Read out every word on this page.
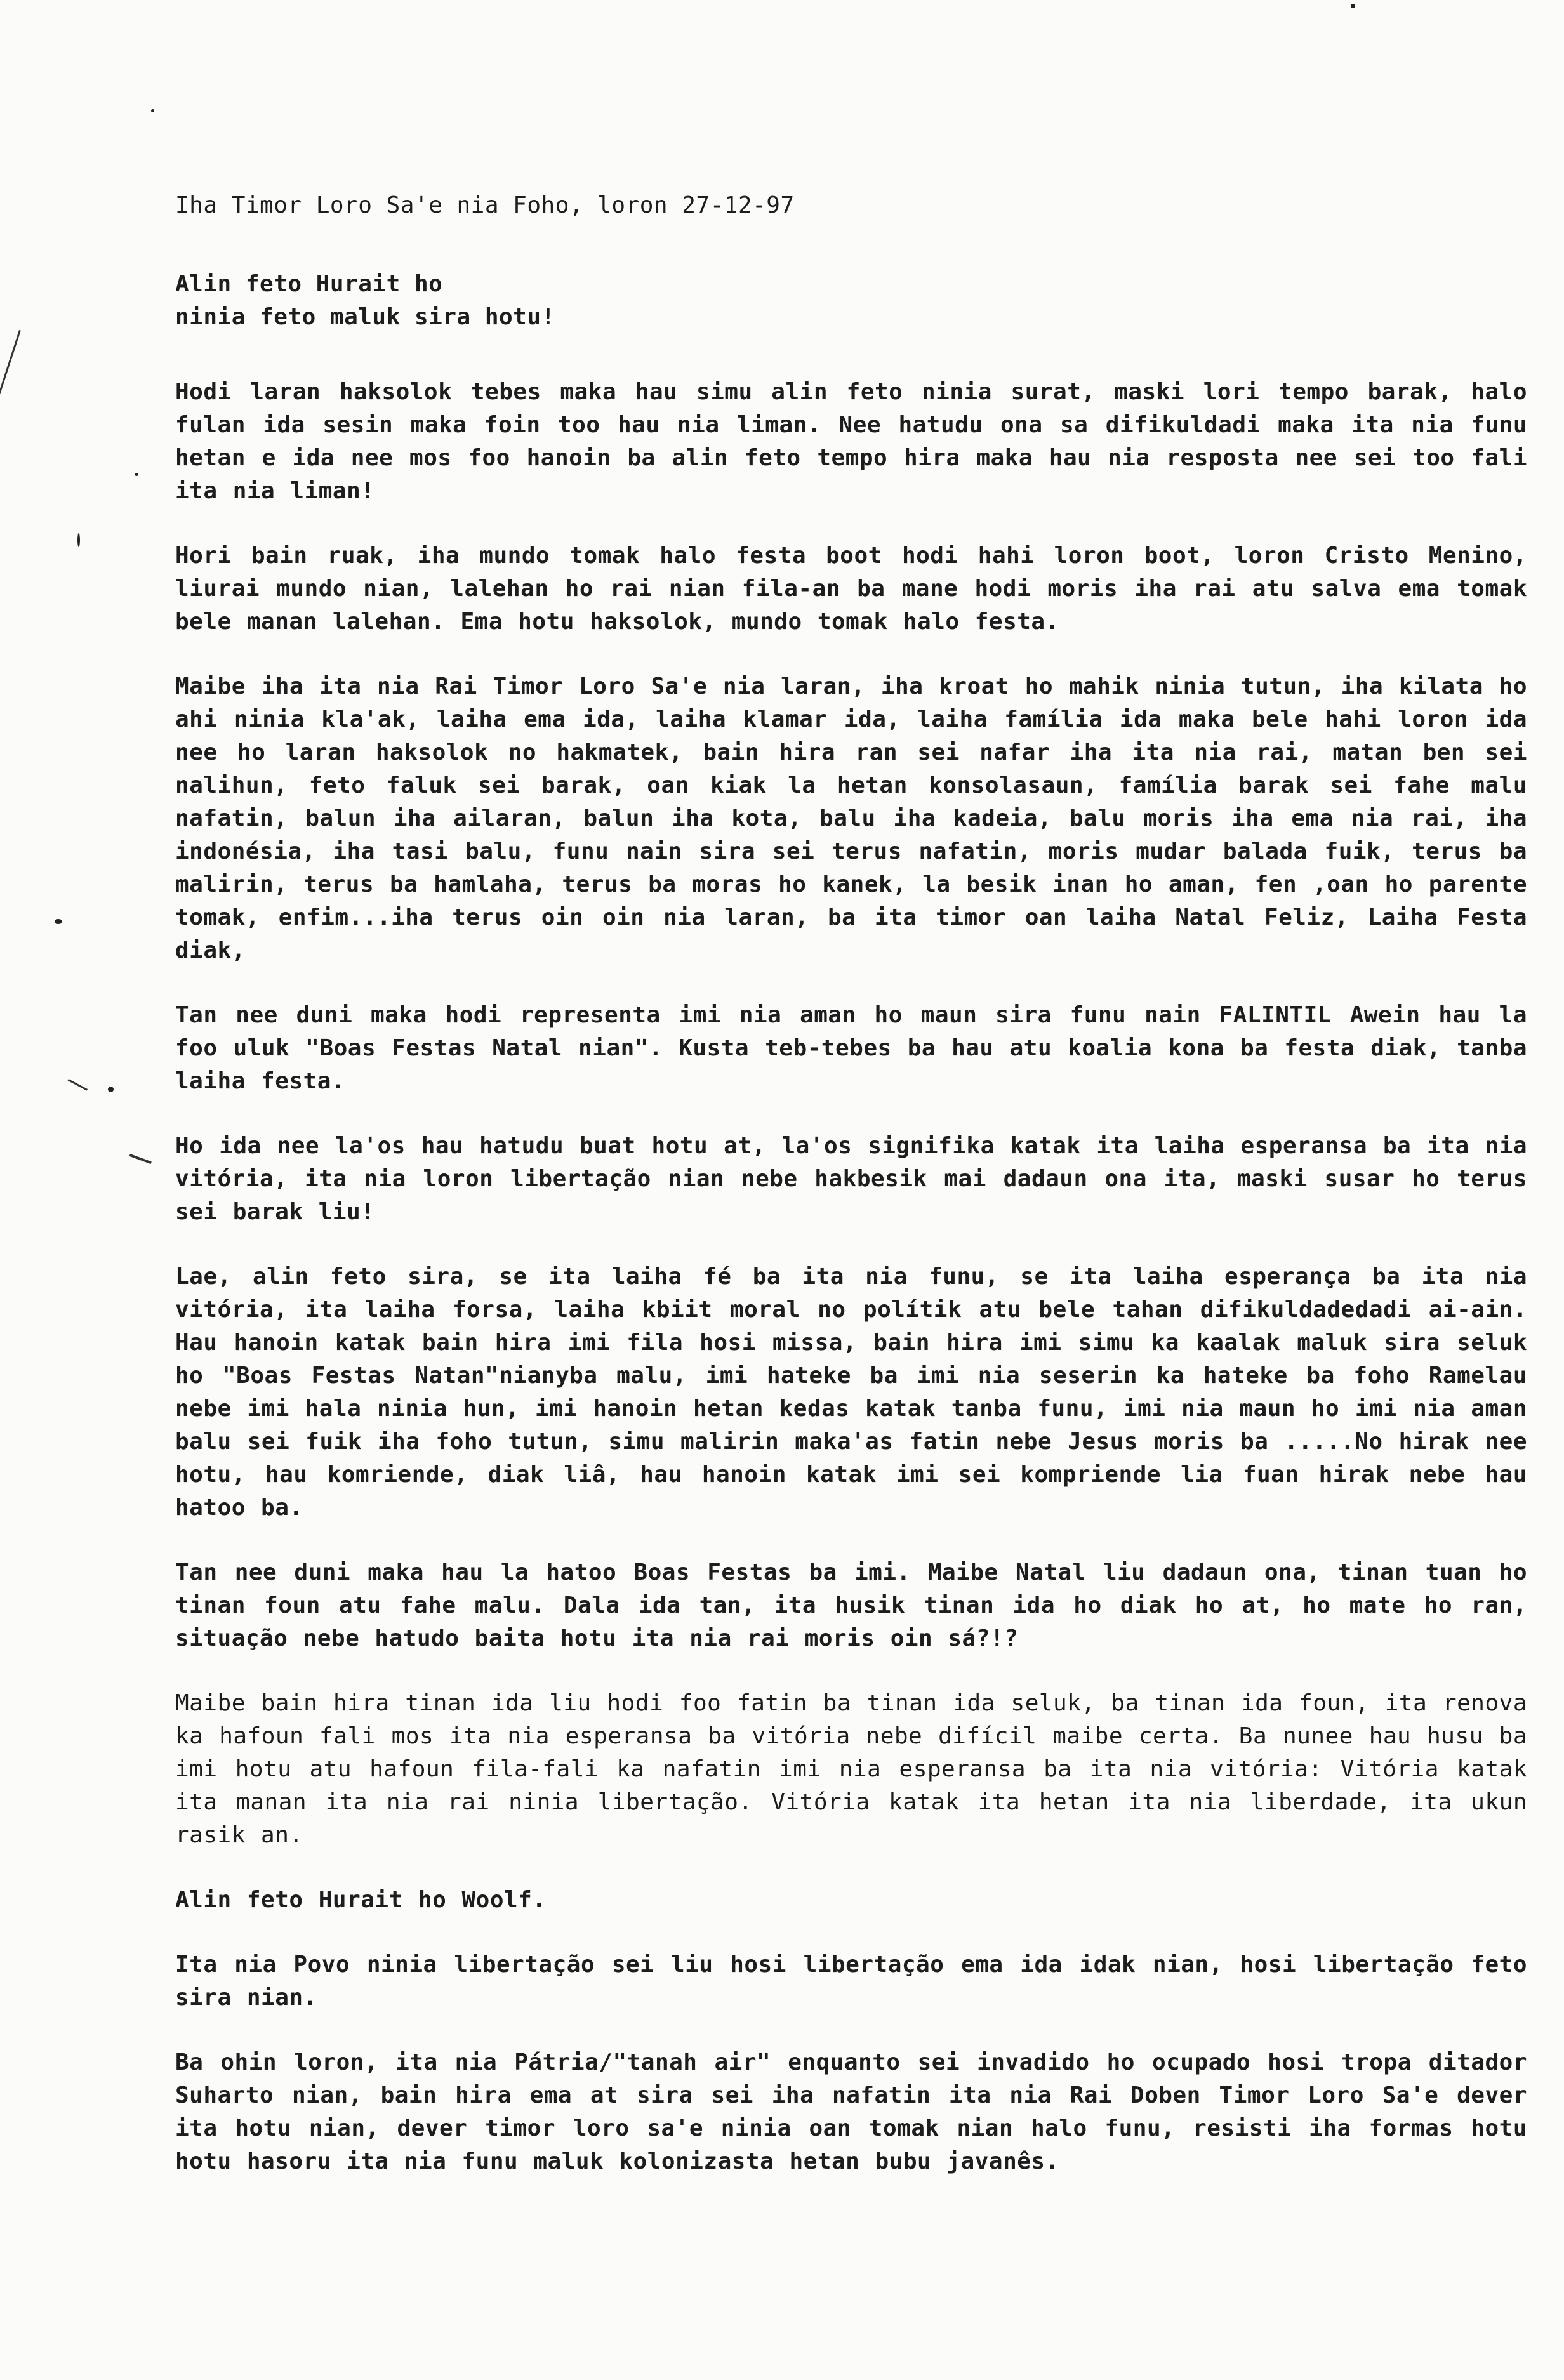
Iha Timor Loro Sa'e nia Foho, loron 27-12-97
Alin feto Hurait ho
ninia feto maluk sira hotu!

Hodi laran haksolok tebes maka hau simu alin feto ninia surat, maski lori tempo barak, halo fulan ida sesin maka foin too hau nia liman. Nee hatudu ona sa difikuldadi maka ita nia funu hetan e ida nee mos foo hanoin ba alin feto tempo hira maka hau nia resposta nee sei too fali ita nia liman!

Hori bain ruak, iha mundo tomak halo festa boot hodi hahi loron boot, loron Cristo Menino, liurai mundo nian, lalehan ho rai nian fila-an ba mane hodi moris iha rai atu salva ema tomak bele manan lalehan. Ema hotu haksolok, mundo tomak halo festa.

Maibe iha ita nia Rai Timor Loro Sa'e nia laran, iha kroat ho mahik ninia tutun, iha kilata ho ahi ninia kla'ak, laiha ema ida, laiha klamar ida, laiha família ida maka bele hahi loron ida nee ho laran haksolok no hakmatek, bain hira ran sei nafar iha ita nia rai, matan ben sei nalihun, feto faluk sei barak, oan kiak la hetan konsolasaun, família barak sei fahe malu nafatin, balun iha ailaran, balun iha kota, balu iha kadeia, balu moris iha ema nia rai, iha indonésia, iha tasi balu, funu nain sira sei terus nafatin, moris mudar balada fuik, terus ba malirin, terus ba hamlaha, terus ba moras ho kanek, la besik inan ho aman, fen ,oan ho parente tomak, enfim...iha terus oin oin nia laran, ba ita timor oan laiha Natal Feliz, Laiha Festa diak,

Tan nee duni maka hodi representa imi nia aman ho maun sira funu nain FALINTIL Awein hau la foo uluk "Boas Festas Natal nian". Kusta teb-tebes ba hau atu koalia kona ba festa diak, tanba laiha festa.

Ho ida nee la'os hau hatudu buat hotu at, la'os signifika katak ita laiha esperansa ba ita nia vitória, ita nia loron libertação nian nebe hakbesik mai dadaun ona ita, maski susar ho terus sei barak liu!

Lae, alin feto sira, se ita laiha fé ba ita nia funu, se ita laiha esperança ba ita nia vitória, ita laiha forsa, laiha kbiit moral no polítik atu bele tahan difikuldadedadi ai-ain. Hau hanoin katak bain hira imi fila hosi missa, bain hira imi simu ka kaalak maluk sira seluk ho "Boas Festas Natan"nianyba malu, imi hateke ba imi nia seserin ka hateke ba foho Ramelau nebe imi hala ninia hun, imi hanoin hetan kedas katak tanba funu, imi nia maun ho imi nia aman balu sei fuik iha foho tutun, simu malirin maka'as fatin nebe Jesus moris ba .....No hirak nee hotu, hau komriende, diak liâ, hau hanoin katak imi sei kompriende lia fuan hirak nebe hau hatoo ba.

Tan nee duni maka hau la hatoo Boas Festas ba imi. Maibe Natal liu dadaun ona, tinan tuan ho tinan foun atu fahe malu. Dala ida tan, ita husik tinan ida ho diak ho at, ho mate ho ran, situação nebe hatudo baita hotu ita nia rai moris oin sá?!?

Maibe bain hira tinan ida liu hodi foo fatin ba tinan ida seluk, ba tinan ida foun, ita renova ka hafoun fali mos ita nia esperansa ba vitória nebe difícil maibe certa. Ba nunee hau husu ba imi hotu atu hafoun fila-fali ka nafatin imi nia esperansa ba ita nia vitória: Vitória katak ita manan ita nia rai ninia libertação. Vitória katak ita hetan ita nia liberdade, ita ukun rasik an.

Alin feto Hurait ho Woolf.

Ita nia Povo ninia libertação sei liu hosi libertação ema ida idak nian, hosi libertação feto sira nian.

Ba ohin loron, ita nia Pátria/"tanah air" enquanto sei invadido ho ocupado hosi tropa ditador Suharto nian, bain hira ema at sira sei iha nafatin ita nia Rai Doben Timor Loro Sa'e dever ita hotu nian, dever timor loro sa'e ninia oan tomak nian halo funu, resisti iha formas hotu hotu hasoru ita nia funu maluk kolonizasta hetan bubu javanês.
